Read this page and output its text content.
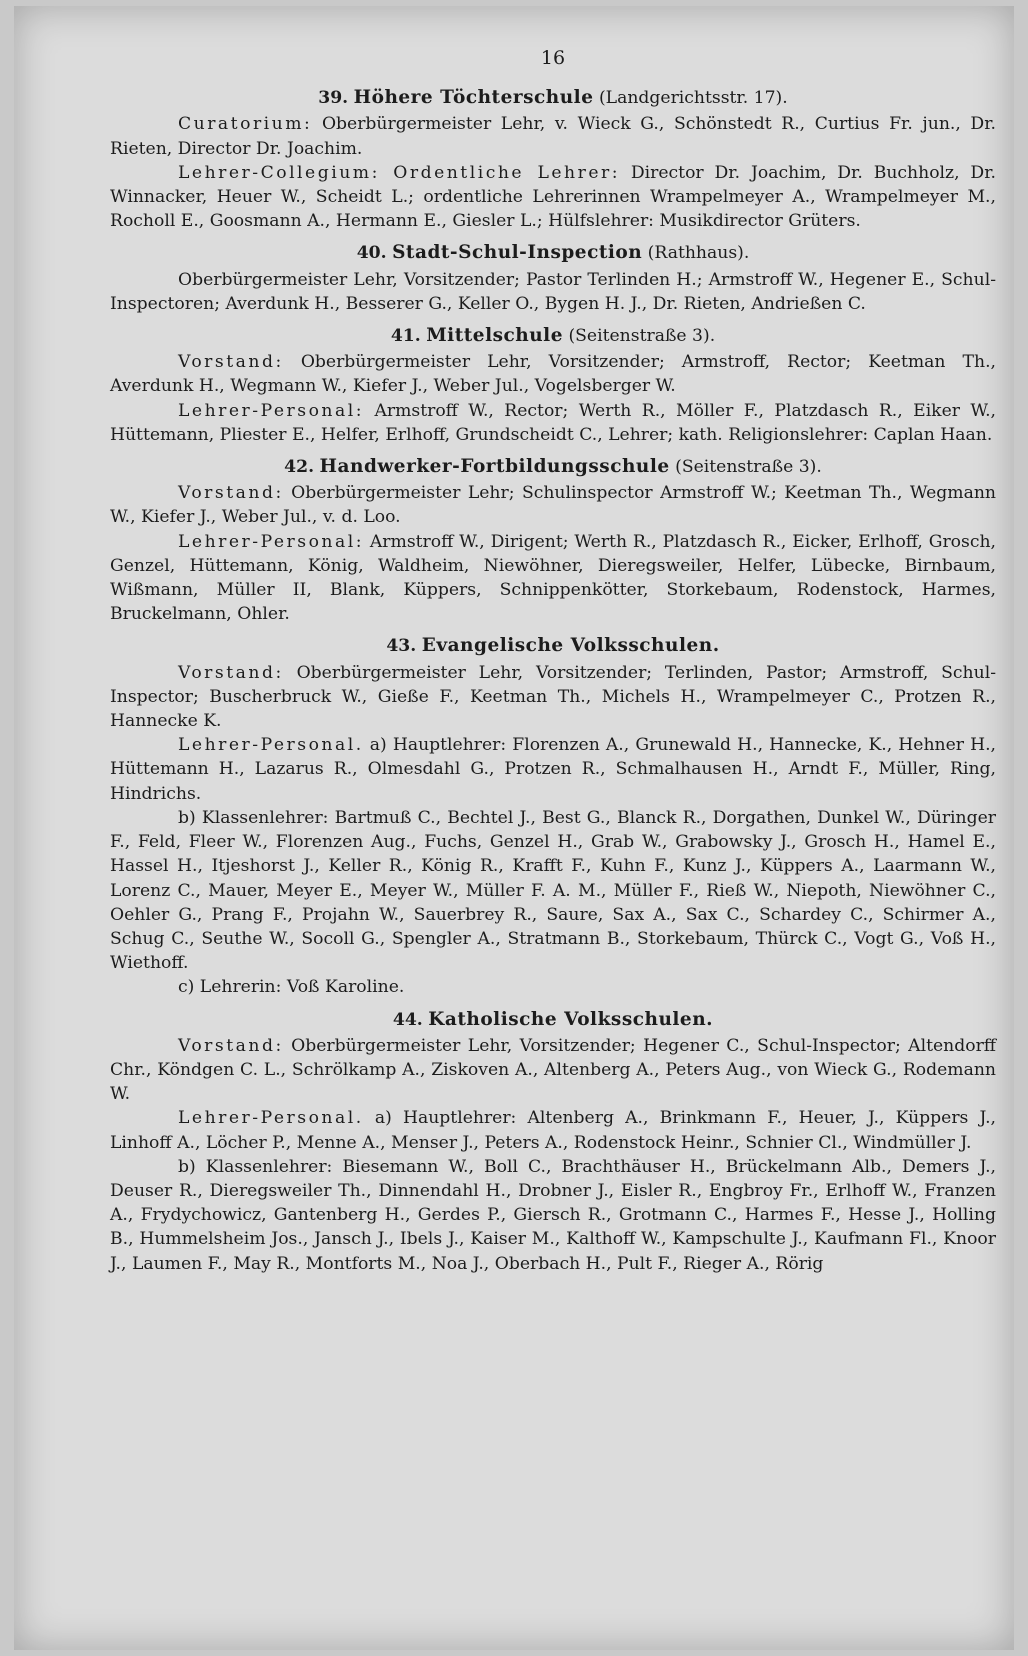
16
39. Höhere Töchterschule (Landgerichtsstr. 17).

Curatorium: Oberbürgermeister Lehr, v. Wieck G., Schönstedt R., Curtius Fr. jun., Dr. Rieten, Director Dr. Joachim.

Lehrer-Collegium: Ordentliche Lehrer: Director Dr. Joachim, Dr. Buchholz, Dr. Winnacker, Heuer W., Scheidt L.; ordentliche Lehrerinnen Wrampelmeyer A., Wrampelmeyer M., Rocholl E., Goosmann A., Hermann E., Giesler L.; Hülfslehrer: Musikdirector Grüters.

40. Stadt-Schul-Inspection (Rathhaus).

Oberbürgermeister Lehr, Vorsitzender; Pastor Terlinden H.; Armstroff W., Hegener E., Schul-Inspectoren; Averdunk H., Besserer G., Keller O., Bygen H. J., Dr. Rieten, Andrießen C.

41. Mittelschule (Seitenstraße 3).

Vorstand: Oberbürgermeister Lehr, Vorsitzender; Armstroff, Rector; Keetman Th., Averdunk H., Wegmann W., Kiefer J., Weber Jul., Vogelsberger W.

Lehrer-Personal: Armstroff W., Rector; Werth R., Möller F., Platzdasch R., Eiker W., Hüttemann, Pliester E., Helfer, Erlhoff, Grundscheidt C., Lehrer; kath. Religionslehrer: Caplan Haan.

42. Handwerker-Fortbildungsschule (Seitenstraße 3).

Vorstand: Oberbürgermeister Lehr; Schulinspector Armstroff W.; Keetman Th., Wegmann W., Kiefer J., Weber Jul., v. d. Loo.

Lehrer-Personal: Armstroff W., Dirigent; Werth R., Platzdasch R., Eicker, Erlhoff, Grosch, Genzel, Hüttemann, König, Waldheim, Niewöhner, Dieregsweiler, Helfer, Lübecke, Birnbaum, Wißmann, Müller II, Blank, Küppers, Schnippenkötter, Storkebaum, Rodenstock, Harmes, Bruckelmann, Ohler.

43. Evangelische Volksschulen.

Vorstand: Oberbürgermeister Lehr, Vorsitzender; Terlinden, Pastor; Armstroff, Schul-Inspector; Buscherbruck W., Gieße F., Keetman Th., Michels H., Wrampelmeyer C., Protzen R., Hannecke K.

Lehrer-Personal. a) Hauptlehrer: Florenzen A., Grunewald H., Hannecke, K., Hehner H., Hüttemann H., Lazarus R., Olmesdahl G., Protzen R., Schmalhausen H., Arndt F., Müller, Ring, Hindrichs.

b) Klassenlehrer: Bartmuß C., Bechtel J., Best G., Blanck R., Dorgathen, Dunkel W., Düringer F., Feld, Fleer W., Florenzen Aug., Fuchs, Genzel H., Grab W., Grabowsky J., Grosch H., Hamel E., Hassel H., Itjeshorst J., Keller R., König R., Krafft F., Kuhn F., Kunz J., Küppers A., Laarmann W., Lorenz C., Mauer, Meyer E., Meyer W., Müller F. A. M., Müller F., Rieß W., Niepoth, Niewöhner C., Oehler G., Prang F., Projahn W., Sauerbrey R., Saure, Sax A., Sax C., Schardey C., Schirmer A., Schug C., Seuthe W., Socoll G., Spengler A., Stratmann B., Storkebaum, Thürck C., Vogt G., Voß H., Wiethoff.

c) Lehrerin: Voß Karoline.

44. Katholische Volksschulen.

Vorstand: Oberbürgermeister Lehr, Vorsitzender; Hegener C., Schul-Inspector; Altendorff Chr., Köndgen C. L., Schrölkamp A., Ziskoven A., Altenberg A., Peters Aug., von Wieck G., Rodemann W.

Lehrer-Personal. a) Hauptlehrer: Altenberg A., Brinkmann F., Heuer, J., Küppers J., Linhoff A., Löcher P., Menne A., Menser J., Peters A., Rodenstock Heinr., Schnier Cl., Windmüller J.

b) Klassenlehrer: Biesemann W., Boll C., Brachthäuser H., Brückelmann Alb., Demers J., Deuser R., Dieregsweiler Th., Dinnendahl H., Drobner J., Eisler R., Engbroy Fr., Erlhoff W., Franzen A., Frydychowicz, Gantenberg H., Gerdes P., Giersch R., Grotmann C., Harmes F., Hesse J., Holling B., Hummelsheim Jos., Jansch J., Ibels J., Kaiser M., Kalthoff W., Kampschulte J., Kaufmann Fl., Knoor J., Laumen F., May R., Montforts M., Noa J., Oberbach H., Pult F., Rieger A., Rörig
